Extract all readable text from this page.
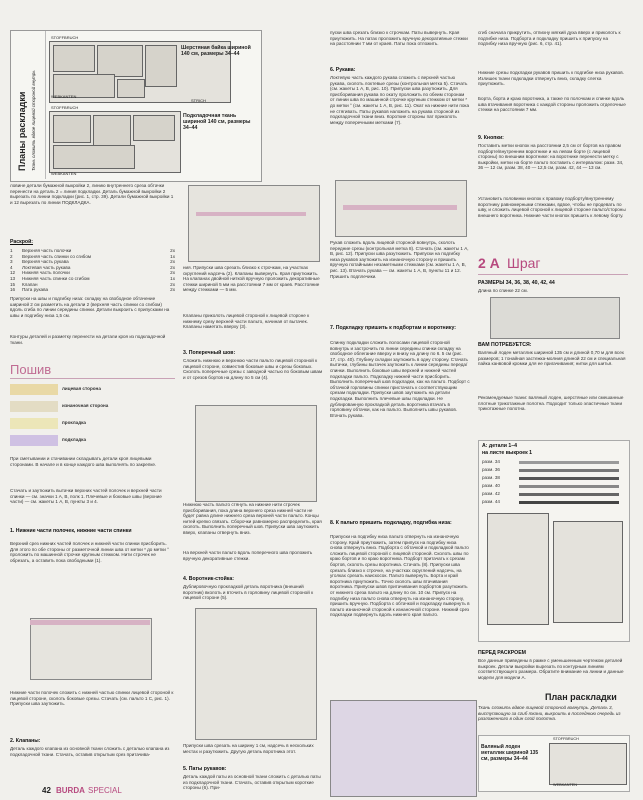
Планы раскладки Ткань сложить вдвое лицевой стороной внутрь
STOFFBRUCH
WEBKANTEN
Шерстяная байка шириной 140 см, размеры 34–44
STRICH
STOFFBRUCH
WEBKANTEN
Подкладочная ткань шириной 140 см, размеры 34–44
ловине детали бумажной выкройки 2, линию внутреннего среза обтачки перенести на деталь 2 = линия подкладки. Деталь бумажной выкройки 2 вырезать по линии подкладки (рис. 1, стр. 39). Детали бумажной выкройки 1 и 12 вырезать по линии ПОДКЛАДКА.
Раскрой:
1	Верхняя часть полочки	2x
2	Верхняя часть спинки со сгибом	1x
3	Верхняя часть рукава	2x
4	Локтевая часть рукава	2x
12	Нижняя часть полочки	2x
13	Нижняя часть спинки со сгибом	1x
15	Клапан	2x
16	Пата рукава	2x
Припуски на швы и подгибку низа: складку на свободное обтачение шириной 2 см разметить на детали 2 (верхняя часть спинки со сгибом) вдоль сгиба по линии середины спинки. Детали выкроить с припусками на швы и подгибку низа 1,5 см.
Контуры деталей и разметку перенести на детали кроя из подкладочной ткани.
Пошив
лицевая сторона
изнаночная сторона
прокладка
подкладка
При сметывании и стачивании складывать детали кроя лицевыми сторонами. В начале и в конце каждого шва выполнять по закрепке.
Стачать и заутюжить вытачки верхних частей полочек и верхней части спинки — см. значки 1 А, В, полк 1. Плечевые и боковые швы (верхние части) — см. жакеты 1 А, В, пункты 3 и 4.
1. Нижние части полочек, нижние части спинки
Верхний срез нижних частей полочек и нижней части спинки присборить. Для этого по обе стороны от разметочной линии шва от метки * до метки ° проложить по машинной строчке крупным стежком. Нити строчек не обрезать, а оставить пока свободными (1).
Нижние части полочек сложить с нижней частью спинки лицевой стороной к лицевой стороне, сколоть боковые срезы. Стачать (см. пальто 1 С, рис. 1). Припуски шва заутюжить.
2. Клапаны:
Деталь каждого клапана из основной ткани сложить с деталью клапана из подкладочной ткани. Стачать, оставив открытым срез притачива-
ния. Припуски шва срезать близко к строчкам, на участках скруглений надсечь (2). Клапаны вывернуть. Края приутюжить. На клапанах двойной ниткой вручную проложить декоративные стежки шириной 5 мм на расстоянии 7 мм от краев. Расстояние между стежками — 5 мм.
Клапаны приколоть лицевой стороной к лицевой стороне к нижнему срезу верхней части пальто, начиная от вытачек. Клапаны наметать вверху (3).
3. Поперечный шов:
Сложить нижнюю и верхнюю части пальто лицевой стороной к лицевой стороне, совместив боковые швы и срезы боковых. Сколоть поперечные срезы с заводной частью по боковым швам и от срезов бортов на длину по 5 см (4).
Нижнюю часть пальто стянуть на нижние нити строчек присборивания, пока длина верхнего среза нижней части не будет равна длине нижнего среза верхней части пальто. Концы нитей крепко связать. Сборочки равномерно распределить, края сколоть. Выполнить поперечный шов. Припуски шва заутюжить вверх, клапаны отвернуть вниз.
На верхней части пальто вдоль поперечного шва проложить вручную декоративные стежки.
4. Воротник-стойка:
Дублировочную прокладкой деталь воротника (внешний воротник) вколоть и вточить в горловину лицевой стороной к лицевой стороне (5).
Припуски шва срезать на ширину 1 см, надсечь в нескольких местах и разутюжить. Другую деталь воротника этот.
5. Паты рукавов:
Деталь каждой паты из основной ткани сложить с деталью паты из подкладочной ткани. Стачать, оставив открытым короткие стороны (6). При-
пуски шва срезать близко к строчкам. Паты вывернуть. Края приутюжить. На патах проложить вручную декоративные стежки на расстоянии 7 мм от краев. Паты пока отложить.
6. Рукава:
Локтевую часть каждого рукава сложить с верхней частью рукава, сколоть локтевые срезы (контрольная метка 5). Стачать (см. жакеты 1 А, В, рис. 10). Припуски шва разутюжить. Для присборивания рукава по окату проложить по обеим сторонам от линии шва по машинной строчке крупным стежком от метки * до метки ° (см. жакеты 1 А, В, рис. 11). Окат на нижние нити пока не стягивать. Паты рукавов наложить на рукава стороной из подкладочной ткани вниз. Короткие стороны пат приколоть между поперечными метками (7).
Рукав сложить вдоль лицевой стороной вовнутрь, сколоть передние срезы (контрольная метка 8). Стачать (см. жакеты 1 А, В, рис. 12). Припуски шва разутюжить. Припуски на подгибку низа рукавов заутюжить на изнаночную сторону и пришить вручную потайными незаметными стежками (см. жакеты 1 А, В, рис. 13). Втачать рукава — см. жакеты 1 А, В, пункты 11 и 12. Пришить подплечики.
7. Подкладку пришить к подбортам и воротнику:
Спинку подкладки сложить полосами лицевой стороной вовнутрь и застрочить по линии середины спинки складку на свободное облегание вверху и внизу на длину по 6. 5 см (рис. 17, стр. 40). Глубину складки заутюжить в одну сторону. Стачать вытачки, глубины вытачек заутюжить к линии середины переда/спинки. Выполнить боковые швы верхней и нижней частей подкладки пальто. Подкладку нижней части присборить. Выполнить поперечный шов подкладки, как на пальто. Подборт с обтачкой горловины спинки пристачать к соответствующим срезам подкладки. Припуски швов заутюжить на детали подкладки. Выполнить плечевые швы подкладки. Не дублированную прокладкой деталь воротника втачать в горловину обтачки, как на пальто. Выполнить швы рукавов. Втачать рукава.
8. К пальто пришить подкладку, подгибка низа:
Припуски на подгибку низа пальто отвернуть на изнаночную сторону. Край приутюжить, затем припуск на подгибку низа снова отвернуть вниз. Подборта с обтачкой и подкладкой пальто сложить лицевой стороной с лицевой стороной. Сколоть швы по краю бортов и по краю воротника. Подборт притачать к срезам бортов, сколоть срезы воротника. Стачать (8). Припуски шва срезать близко к строчке, на участках скруглений надсечь, на уголках срезать наискосок. Пальто вывернуть. Борта и край воротника приутюжить. Точно сколоть швы втачивания воротника. Припуски швов притачивания подбортов разутюжить от нижнего среза пальто на длину по см. 10 см. Припуск на подгибку низа пальто снова отвернуть на изнаночную сторону, пришить вручную. Подборта с обтачкой и подкладку вывернуть в пальто изнаночной стороной к изнаночной стороне. Нижний срез подкладки подвернуть вдоль нижнего края пальто.
сгиб сначала прикрутить, отпихну мягкий духа вверх и приколоть к подгибке низа. Подборта и подкладку пришить к припуску на подгибку низа вручную (рис. 6, стр. 41).
Нижние срезы подкладки рукавов пришить к подгибке низа рукавов. Излишек ткани подкладки отвернуть вниз, складку слегка приутюжить.
Борта, борта и краю воротника, а также по полочкам и спинке вдоль шва втачивания воротника с каждой стороны проложить отделочные стежки на расстоянии 7 мм.
9. Кнопки:
Поставить метки кнопок на расстоянии 2,5 см от бортов на правом подборте/внутреннем воротнике и на левом борте (с лицевой стороны) по внешним воротнике: на воротнике перенести метку с выкройки, метки на борте пальто поставить с интервалом: разм. 34, 36 — 12 см, разм. 38, 40 — 12,5 см, разм. 42, 44 — 13 см.
Установить половинки кнопок к правому подборту/внутреннему воротнику равномерными стежками, вдвое, чтобы не продевать по шву, и сложить лицевой стороной к лицевой стороне пальто/стороны внешнего воротника. Нижние части кнопок пришить к левому борту.
2 А Шраг
РАЗМЕРЫ 34, 36, 38, 40, 42, 44
Длина по спинке 22 см.
ВАМ ПОТРЕБУЕТСЯ:
Валяный лоден металлик шириной 135 см и длиной 0,70 м для всех размеров; 1 тонайная застежка-молния длиной 22 см и специальная пайка канвовой кромки для ее пригачивания; нитки для шитья.
Рекомендуемые ткани: валяный лоден, шерстяные или смешанные плотные трикотажные полотна. Подходит только эластичные ткани трикотажные полотна.
А: детали 1–4
на листе выкроек 1
разм. 34
разм. 36
разм. 38
разм. 40
разм. 42
разм. 44
ПЕРЕД РАСКРОЕМ
Все данные приведены в рамке с уменьшенным чертежом деталей выкроек. Детали выкройки вырезать по контурным линиям соответствующего размера. Обратите внимание на линии и данные модели для модели А.
План раскладки
Ткань сложить вдвое лицевой стороной вовнутрь. Деталь 3, выступающую за сгиб ткани, выкроить в последнюю очередь из разложенного в один слой полотна.
Валяный лоден металлик шириной 135 см, размеры 34–44
STOFFBRUCH
WEBKANTEN
42 BURDA SPECIAL
